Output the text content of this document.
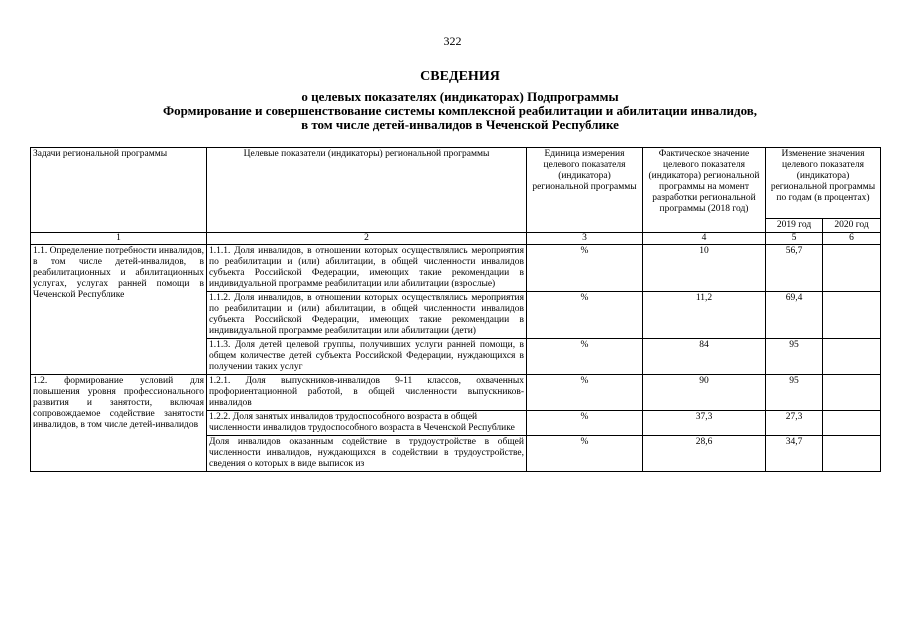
322
СВЕДЕНИЯ
о целевых показателях (индикаторах) Подпрограммы
Формирование и совершенствование системы комплексной реабилитации и абилитации инвалидов,
в том числе детей-инвалидов в Чеченской Республике
Задачи региональной программы	Целевые показатели (индикаторы) региональной программы	Единица измерения целевого показателя (индикатора) региональной программы	Фактическое значение целевого показателя (индикатора) региональной программы на момент разработки региональной программы (2018 год)	Изменение значения целевого показателя (индикатора) региональной программы по годам (в процентах)	
				2019 год	2020 год
1	2	3	4	5	6
1.1. Определение потребности инвалидов, в том числе детей-инвалидов, в реабилитационных и абилитационных услугах, услугах ранней помощи в Чеченской Республике	1.1.1. Доля инвалидов, в отношении которых осуществлялись мероприятия по реабилитации и (или) абилитации, в общей численности инвалидов субъекта Российской Федерации, имеющих такие рекомендации в индивидуальной программе реабилитации или абилитации (взрослые)	%	10	56,7	
	1.1.2. Доля инвалидов, в отношении которых осуществлялись мероприятия по реабилитации и (или) абилитации, в общей численности инвалидов субъекта Российской Федерации, имеющих такие рекомендации в индивидуальной программе реабилитации или абилитации (дети)	%	11,2	69,4	
	1.1.3. Доля детей целевой группы, получивших услуги ранней помощи, в общем количестве детей субъекта Российской Федерации, нуждающихся в получении таких услуг	%	84	95	
1.2. формирование условий для повышения уровня профессионального развития и занятости, включая сопровождаемое содействие занятости инвалидов, в том числе детей-инвалидов	1.2.1. Доля выпускников-инвалидов 9-11 классов, охваченных профориентационной работой, в общей численности выпускников-инвалидов	%	90	95	
	1.2.2. Доля занятых инвалидов трудоспособного возраста в общей численности инвалидов трудоспособного возраста в Чеченской Республике	%	37,3	27,3	
	Доля инвалидов оказанным содействие в трудоустройстве в общей численности инвалидов, нуждающихся в содействии в трудоустройстве, сведения о которых в виде выписок из	%	28,6	34,7	
